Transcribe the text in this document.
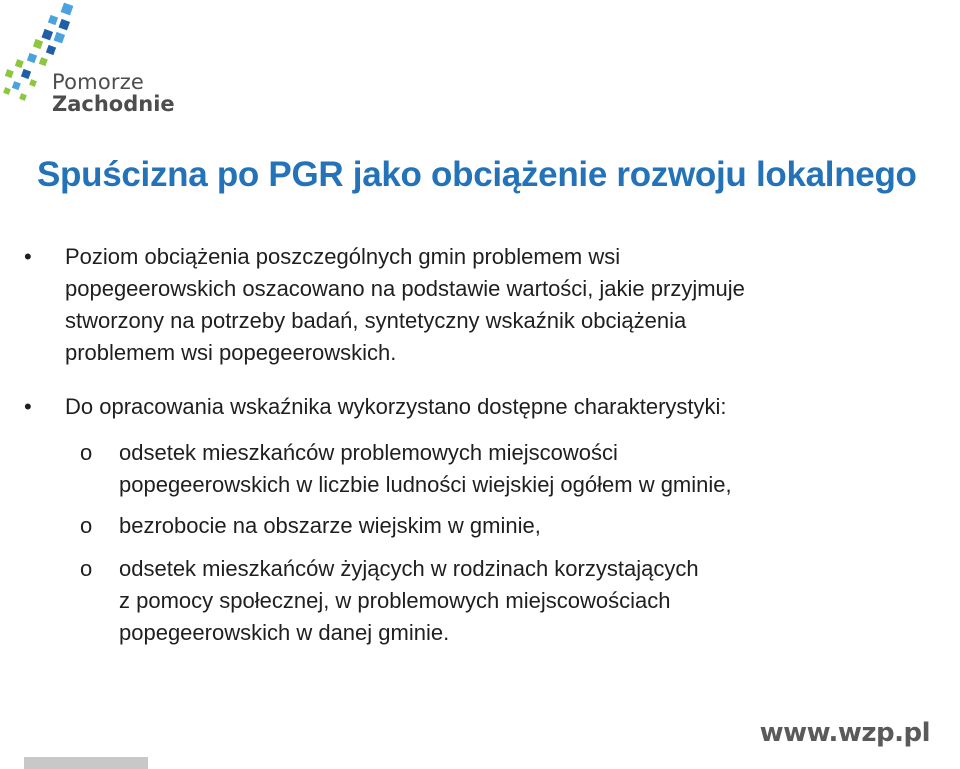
Pomorze
Zachodnie
Spuścizna po PGR jako obciążenie rozwoju lokalnego
•	Poziom obciążenia poszczególnych gmin problemem wsi
popegeerowskich oszacowano na podstawie wartości, jakie przyjmuje
stworzony na potrzeby badań, syntetyczny wskaźnik obciążenia
problemem wsi popegeerowskich.
•	Do opracowania wskaźnika wykorzystano dostępne charakterystyki:
o odsetek mieszkańców problemowych miejscowości
popegeerowskich w liczbie ludności wiejskiej ogółem w gminie,
o bezrobocie na obszarze wiejskim w gminie,
o odsetek mieszkańców żyjących w rodzinach korzystających
z pomocy społecznej, w problemowych miejscowościach
popegeerowskich w danej gminie.
www.wzp.pl
